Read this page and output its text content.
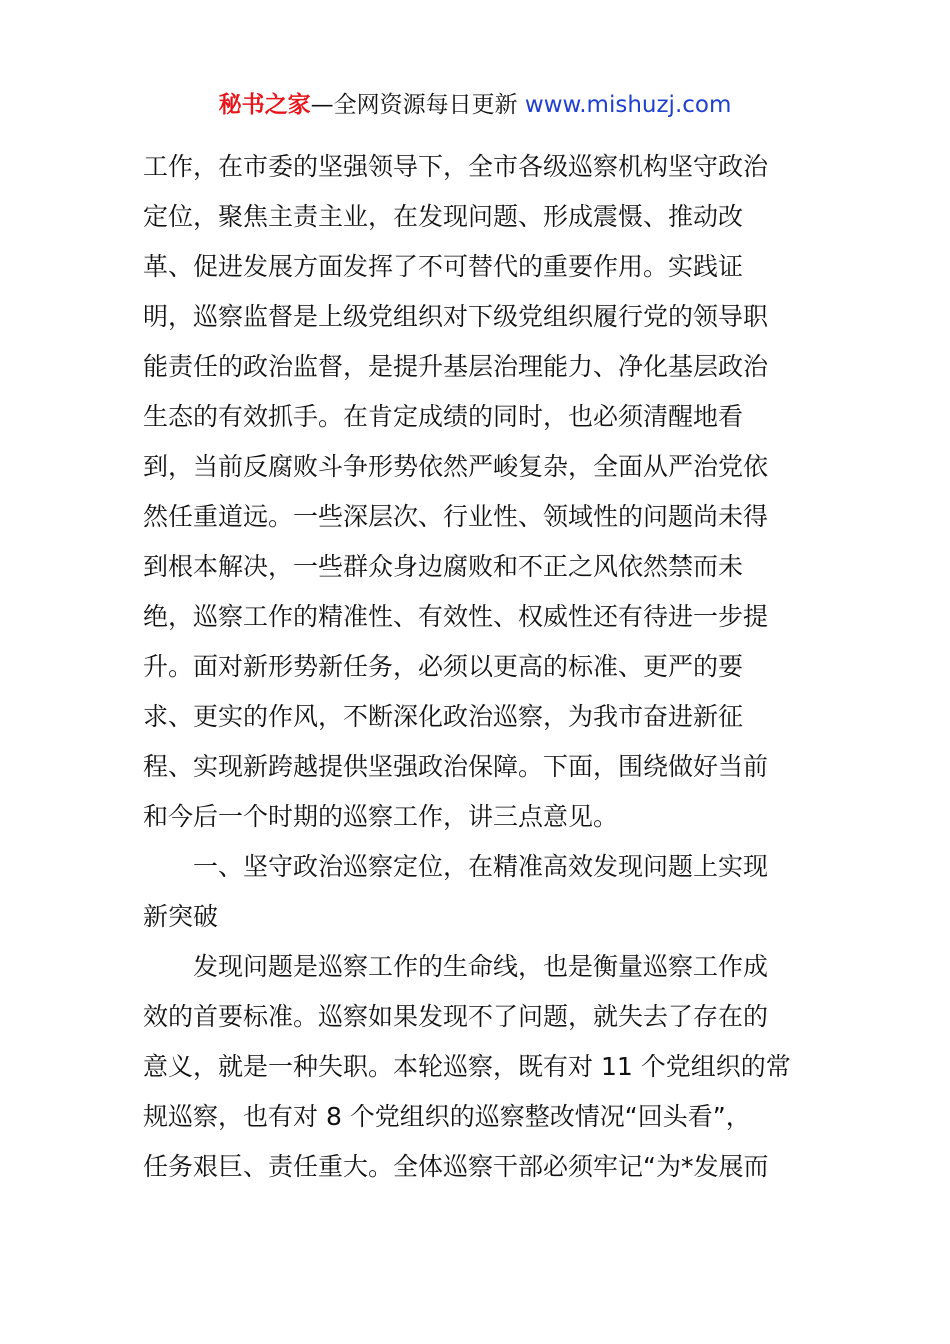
秘书之家—全网资源每日更新 www.mishuzj.com
工作，在市委的坚强领导下，全市各级巡察机构坚守政治
定位，聚焦主责主业，在发现问题、形成震慑、推动改
革、促进发展方面发挥了不可替代的重要作用。实践证
明，巡察监督是上级党组织对下级党组织履行党的领导职
能责任的政治监督，是提升基层治理能力、净化基层政治
生态的有效抓手。在肯定成绩的同时，也必须清醒地看
到，当前反腐败斗争形势依然严峻复杂，全面从严治党依
然任重道远。一些深层次、行业性、领域性的问题尚未得
到根本解决，一些群众身边腐败和不正之风依然禁而未
绝，巡察工作的精准性、有效性、权威性还有待进一步提
升。面对新形势新任务，必须以更高的标准、更严的要
求、更实的作风，不断深化政治巡察，为我市奋进新征
程、实现新跨越提供坚强政治保障。下面，围绕做好当前
和今后一个时期的巡察工作，讲三点意见。
一、坚守政治巡察定位，在精准高效发现问题上实现
新突破
发现问题是巡察工作的生命线，也是衡量巡察工作成
效的首要标准。巡察如果发现不了问题，就失去了存在的
意义，就是一种失职。本轮巡察，既有对 11 个党组织的常
规巡察，也有对 8 个党组织的巡察整改情况“回头看”，
任务艰巨、责任重大。全体巡察干部必须牢记“为*发展而
